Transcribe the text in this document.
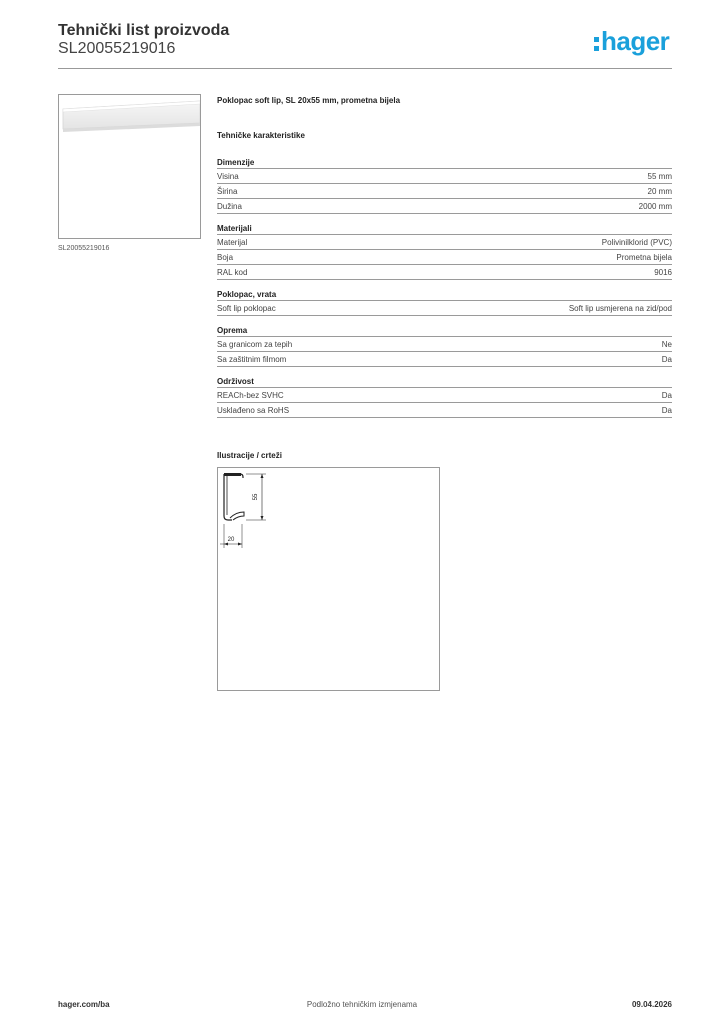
Tehnički list proizvoda
SL20055219016	hager
SL20055219016
Poklopac soft lip, SL 20x55 mm, prometna bijela
Tehničke karakteristike
Dimenzije
Visina	55 mm
Širina	20 mm
Dužina	2000 mm
Materijali
Materijal	Polivinilklorid (PVC)
Boja	Prometna bijela
RAL kod	9016
Poklopac, vrata
Soft lip poklopac	Soft lip usmjerena na zid/pod
Oprema
Sa granicom za tepih	Ne
Sa zaštitnim filmom	Da
Održivost
REACh-bez SVHC	Da
Usklađeno sa RoHS	Da
Ilustracije / crteži
55
20
hager.com/ba	Podložno tehničkim izmjenama	09.04.2026
